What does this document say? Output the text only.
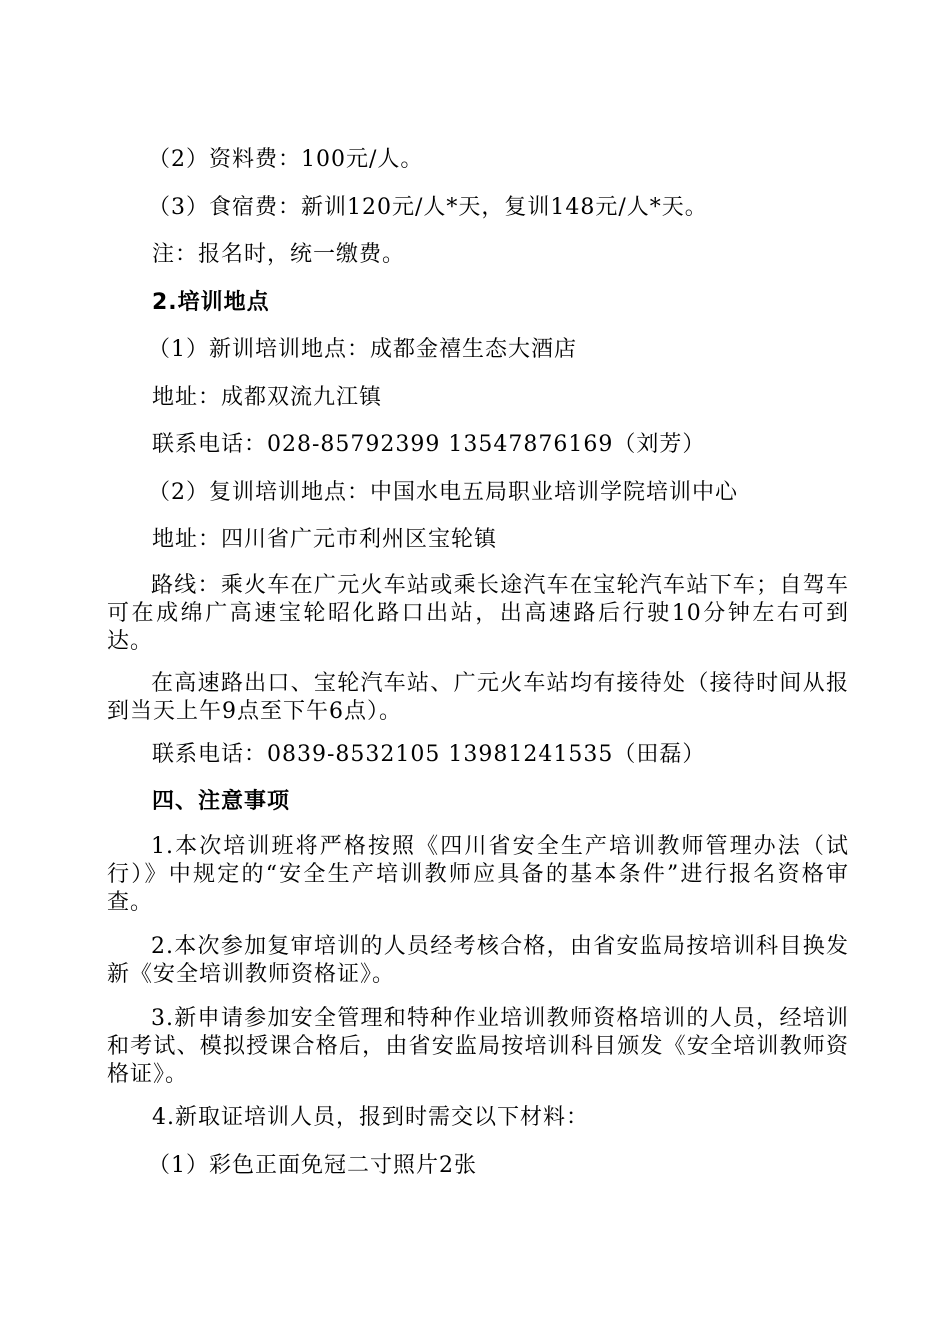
（2）资料费：100元/人。
（3）食宿费：新训120元/人*天，复训148元/人*天。
注：报名时，统一缴费。
2.培训地点
（1）新训培训地点：成都金禧生态大酒店
地址：成都双流九江镇
联系电话：028-85792399 13547876169（刘芳）
（2）复训培训地点：中国水电五局职业培训学院培训中心
地址：四川省广元市利州区宝轮镇
路线：乘火车在广元火车站或乘长途汽车在宝轮汽车站下车；自驾车可在成绵广高速宝轮昭化路口出站，出高速路后行驶10分钟左右可到达。
在高速路出口、宝轮汽车站、广元火车站均有接待处（接待时间从报到当天上午9点至下午6点）。
联系电话：0839-8532105 13981241535（田磊）
四、注意事项
1.本次培训班将严格按照《四川省安全生产培训教师管理办法（试行）》中规定的“安全生产培训教师应具备的基本条件”进行报名资格审查。
2.本次参加复审培训的人员经考核合格，由省安监局按培训科目换发新《安全培训教师资格证》。
3.新申请参加安全管理和特种作业培训教师资格培训的人员，经培训和考试、模拟授课合格后，由省安监局按培训科目颁发《安全培训教师资格证》。
4.新取证培训人员，报到时需交以下材料：
（1）彩色正面免冠二寸照片2张
